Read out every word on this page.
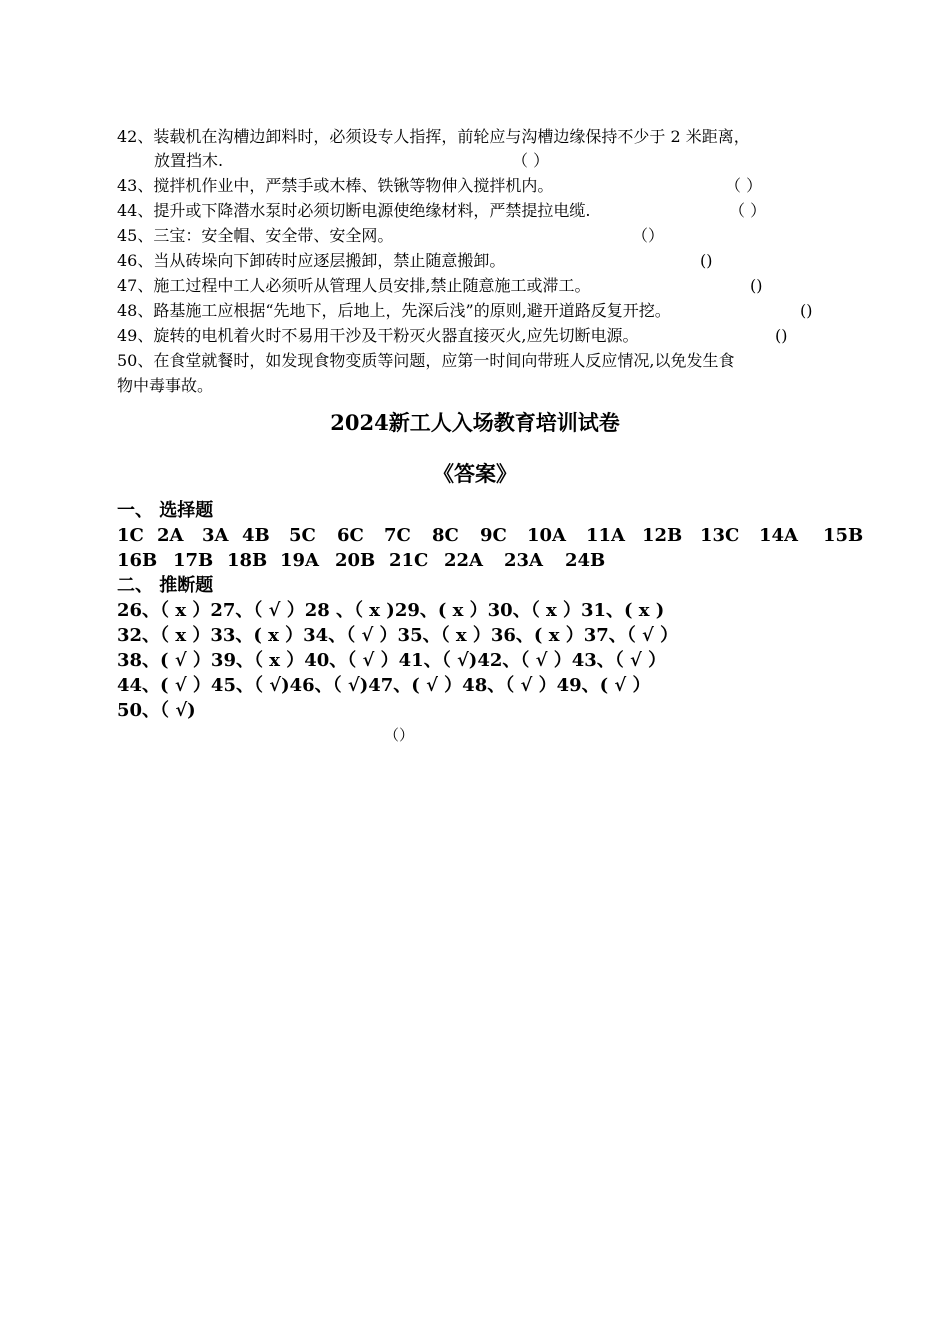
42、装载机在沟槽边卸料时，必须设专人指挥，前轮应与沟槽边缘保持不少于 2 米距离，
放置挡木.	（ ）
43、搅拌机作业中，严禁手或木棒、铁锹等物伸入搅拌机内。	（ ）
44、提升或下降潜水泵时必须切断电源使绝缘材料，严禁提拉电缆.	（ ）
45、三宝：安全帽、安全带、安全网。	（）
46、当从砖垛向下卸砖时应逐层搬卸，禁止随意搬卸。	()
47、施工过程中工人必须听从管理人员安排,禁止随意施工或滞工。	()
48、路基施工应根据“先地下，后地上，先深后浅”的原则,避开道路反复开挖。	()
49、旋转的电机着火时不易用干沙及干粉灭火器直接灭火,应先切断电源。	()
50、在食堂就餐时，如发现食物变质等问题，应第一时间向带班人反应情况,以免发生食
物中毒事故。
2024新工人入场教育培训试卷
《答案》
一、 选择题
1C 2A 3A 4B 5C 6C 7C 8C 9C 10A 11A 12B 13C 14A 15B
16B 17B 18B 19A 20B 21C 22A 23A 24B
二、 推断题
26、（ x ）27、（ √ ）28 、（ x )29、( x ）30、（ x ）31、( x )
32、（ x ）33、( x ）34、（ √ ）35、（ x ）36、( x ）37、（ √ ）
38、( √ ）39、（ x ）40、（ √ ）41、（ √)42、（ √ ）43、（ √ ）
44、( √ ）45、（ √)46、（ √)47、( √ ）48、（ √ ）49、( √ ）
50、（ √)
（）
